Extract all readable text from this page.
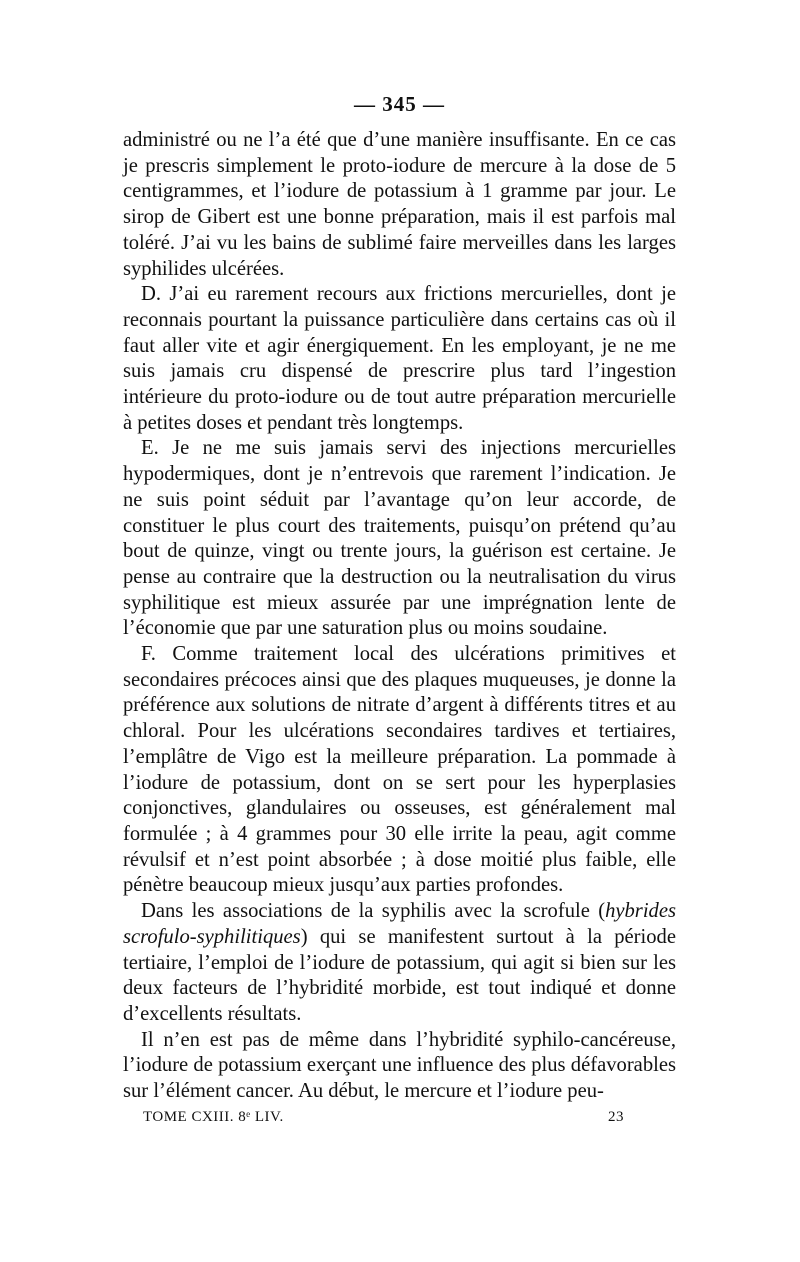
— 345 —

administré ou ne l’a été que d’une manière insuffisante. En ce cas je prescris simplement le proto-iodure de mercure à la dose de 5 centigrammes, et l’iodure de potassium à 1 gramme par jour. Le sirop de Gibert est une bonne préparation, mais il est parfois mal toléré. J’ai vu les bains de sublimé faire merveilles dans les larges syphilides ulcérées.

D. J’ai eu rarement recours aux frictions mercurielles, dont je reconnais pourtant la puissance particulière dans certains cas où il faut aller vite et agir énergiquement. En les employant, je ne me suis jamais cru dispensé de prescrire plus tard l’ingestion intérieure du proto-iodure ou de tout autre préparation mercurielle à petites doses et pendant très longtemps.

E. Je ne me suis jamais servi des injections mercurielles hypodermiques, dont je n’entrevois que rarement l’indication. Je ne suis point séduit par l’avantage qu’on leur accorde, de constituer le plus court des traitements, puisqu’on prétend qu’au bout de quinze, vingt ou trente jours, la guérison est certaine. Je pense au contraire que la destruction ou la neutralisation du virus syphilitique est mieux assurée par une imprégnation lente de l’économie que par une saturation plus ou moins soudaine.

F. Comme traitement local des ulcérations primitives et secondaires précoces ainsi que des plaques muqueuses, je donne la préférence aux solutions de nitrate d’argent à différents titres et au chloral. Pour les ulcérations secondaires tardives et tertiaires, l’emplâtre de Vigo est la meilleure préparation. La pommade à l’iodure de potassium, dont on se sert pour les hyperplasies conjonctives, glandulaires ou osseuses, est généralement mal formulée ; à 4 grammes pour 30 elle irrite la peau, agit comme révulsif et n’est point absorbée ; à dose moitié plus faible, elle pénètre beaucoup mieux jusqu’aux parties profondes.

Dans les associations de la syphilis avec la scrofule (hybrides scrofulo-syphilitiques) qui se manifestent surtout à la période tertiaire, l’emploi de l’iodure de potassium, qui agit si bien sur les deux facteurs de l’hybridité morbide, est tout indiqué et donne d’excellents résultats.

Il n’en est pas de même dans l’hybridité syphilo-cancéreuse, l’iodure de potassium exerçant une influence des plus défavorables sur l’élément cancer. Au début, le mercure et l’iodure peu-

TOME CXIII. 8ᵉ LIV.	23
